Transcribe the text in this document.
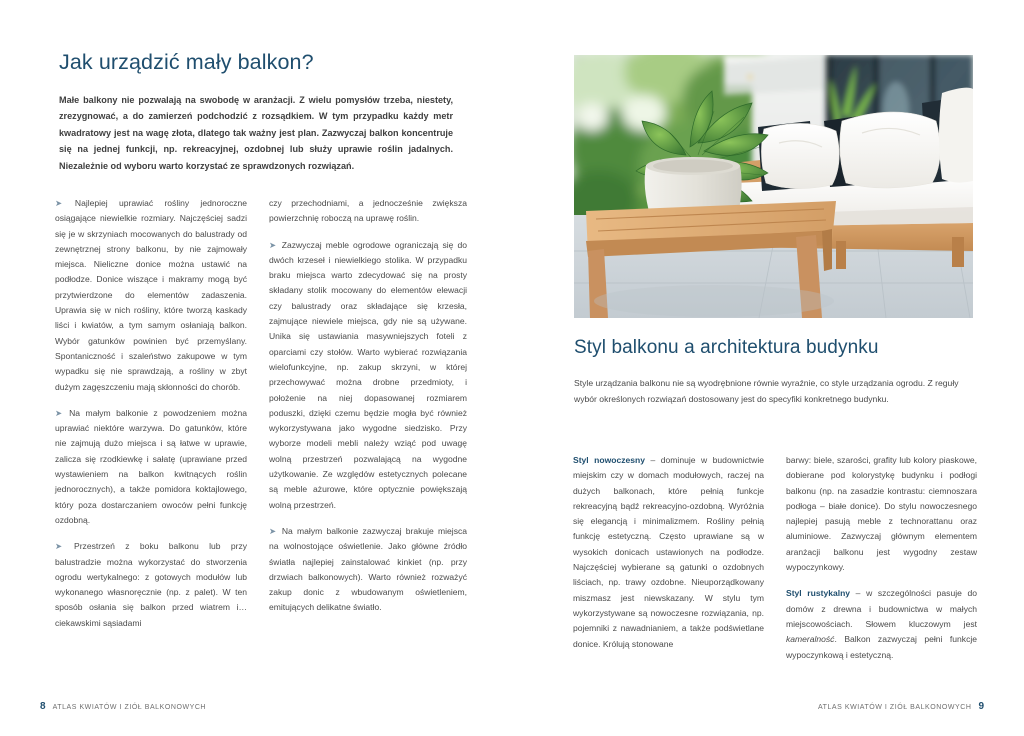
Jak urządzić mały balkon?

Małe balkony nie pozwalają na swobodę w aranżacji. Z wielu pomysłów trzeba, niestety, zrezygnować, a do zamierzeń podchodzić z rozsądkiem. W tym przypadku każdy metr kwadratowy jest na wagę złota, dlatego tak ważny jest plan. Zazwyczaj balkon koncentruje się na jednej funkcji, np. rekreacyjnej, ozdobnej lub służy uprawie roślin jadalnych. Niezależnie od wyboru warto korzystać ze sprawdzonych rozwiązań.

➤ Najlepiej uprawiać rośliny jednoroczne osiągające niewielkie rozmiary. Najczęściej sadzi się je w skrzyniach mocowanych do balustrady od zewnętrznej strony balkonu, by nie zajmowały miejsca. Nieliczne donice można ustawić na podłodze. Donice wiszące i makramy mogą być przytwierdzone do elementów zadaszenia. Uprawia się w nich rośliny, które tworzą kaskady liści i kwiatów, a tym samym osłaniają balkon. Wybór gatunków powinien być przemyślany. Spontaniczność i szaleństwo zakupowe w tym wypadku się nie sprawdzają, a rośliny w zbyt dużym zagęszczeniu mają skłonności do chorób.

➤ Na małym balkonie z powodzeniem można uprawiać niektóre warzywa. Do gatunków, które nie zajmują dużo miejsca i są łatwe w uprawie, zalicza się rzodkiewkę i sałatę (uprawiane przed wystawieniem na balkon kwitnących roślin jednorocznych), a także pomidora koktajlowego, który poza dostarczaniem owoców pełni funkcję ozdobną.

➤ Przestrzeń z boku balkonu lub przy balustradzie można wykorzystać do stworzenia ogrodu wertykalnego: z gotowych modułów lub wykonanego własnoręcznie (np. z palet). W ten sposób osłania się balkon przed wiatrem i… ciekawskimi sąsiadami

czy przechodniami, a jednocześnie zwiększa powierzchnię roboczą na uprawę roślin.

➤ Zazwyczaj meble ogrodowe ograniczają się do dwóch krzeseł i niewielkiego stolika. W przypadku braku miejsca warto zdecydować się na prosty składany stolik mocowany do elementów elewacji czy balustrady oraz składające się krzesła, zajmujące niewiele miejsca, gdy nie są używane. Unika się ustawiania masywniejszych foteli z oparciami czy stołów. Warto wybierać rozwiązania wielofunkcyjne, np. zakup skrzyni, w której przechowywać można drobne przedmioty, i położenie na niej dopasowanej rozmiarem poduszki, dzięki czemu będzie mogła być również wykorzystywana jako wygodne siedzisko. Przy wyborze modeli mebli należy wziąć pod uwagę wolną przestrzeń pozwalającą na wygodne użytkowanie. Ze względów estetycznych polecane są meble ażurowe, które optycznie powiększają wolną przestrzeń.

➤ Na małym balkonie zazwyczaj brakuje miejsca na wolnostojące oświetlenie. Jako główne źródło światła najlepiej zainstalować kinkiet (np. przy drzwiach balkonowych). Warto również rozważyć zakup donic z wbudowanym oświetleniem, emitujących delikatne światło.

8 ATLAS KWIATÓW I ZIÓŁ BALKONOWYCH
Styl balkonu a architektura budynku

Style urządzania balkonu nie są wyodrębnione równie wyraźnie, co style urządzania ogrodu. Z reguły wybór określonych rozwiązań dostosowany jest do specyfiki konkretnego budynku.

Styl nowoczesny – dominuje w budownictwie miejskim czy w domach modułowych, raczej na dużych balkonach, które pełnią funkcje rekreacyjną bądź rekreacyjno-ozdobną. Wyróżnia się elegancją i minimalizmem. Rośliny pełnią funkcję estetyczną. Często uprawiane są w wysokich donicach ustawionych na podłodze. Najczęściej wybierane są gatunki o ozdobnych liściach, np. trawy ozdobne. Nieuporządkowany miszmasz jest niewskazany. W stylu tym wykorzystywane są nowoczesne rozwiązania, np. pojemniki z nawadnianiem, a także podświetlane donice. Królują stonowane

barwy: biele, szarości, grafity lub kolory piaskowe, dobierane pod kolorystykę budynku i podłogi balkonu (np. na zasadzie kontrastu: ciemnoszara podłoga – białe donice). Do stylu nowoczesnego najlepiej pasują meble z technorattanu oraz aluminiowe. Zazwyczaj głównym elementem aranżacji balkonu jest wygodny zestaw wypoczynkowy.

Styl rustykalny – w szczególności pasuje do domów z drewna i budownictwa w małych miejscowościach. Słowem kluczowym jest kameralność. Balkon zazwyczaj pełni funkcje wypoczynkową i estetyczną.

ATLAS KWIATÓW I ZIÓŁ BALKONOWYCH 9
